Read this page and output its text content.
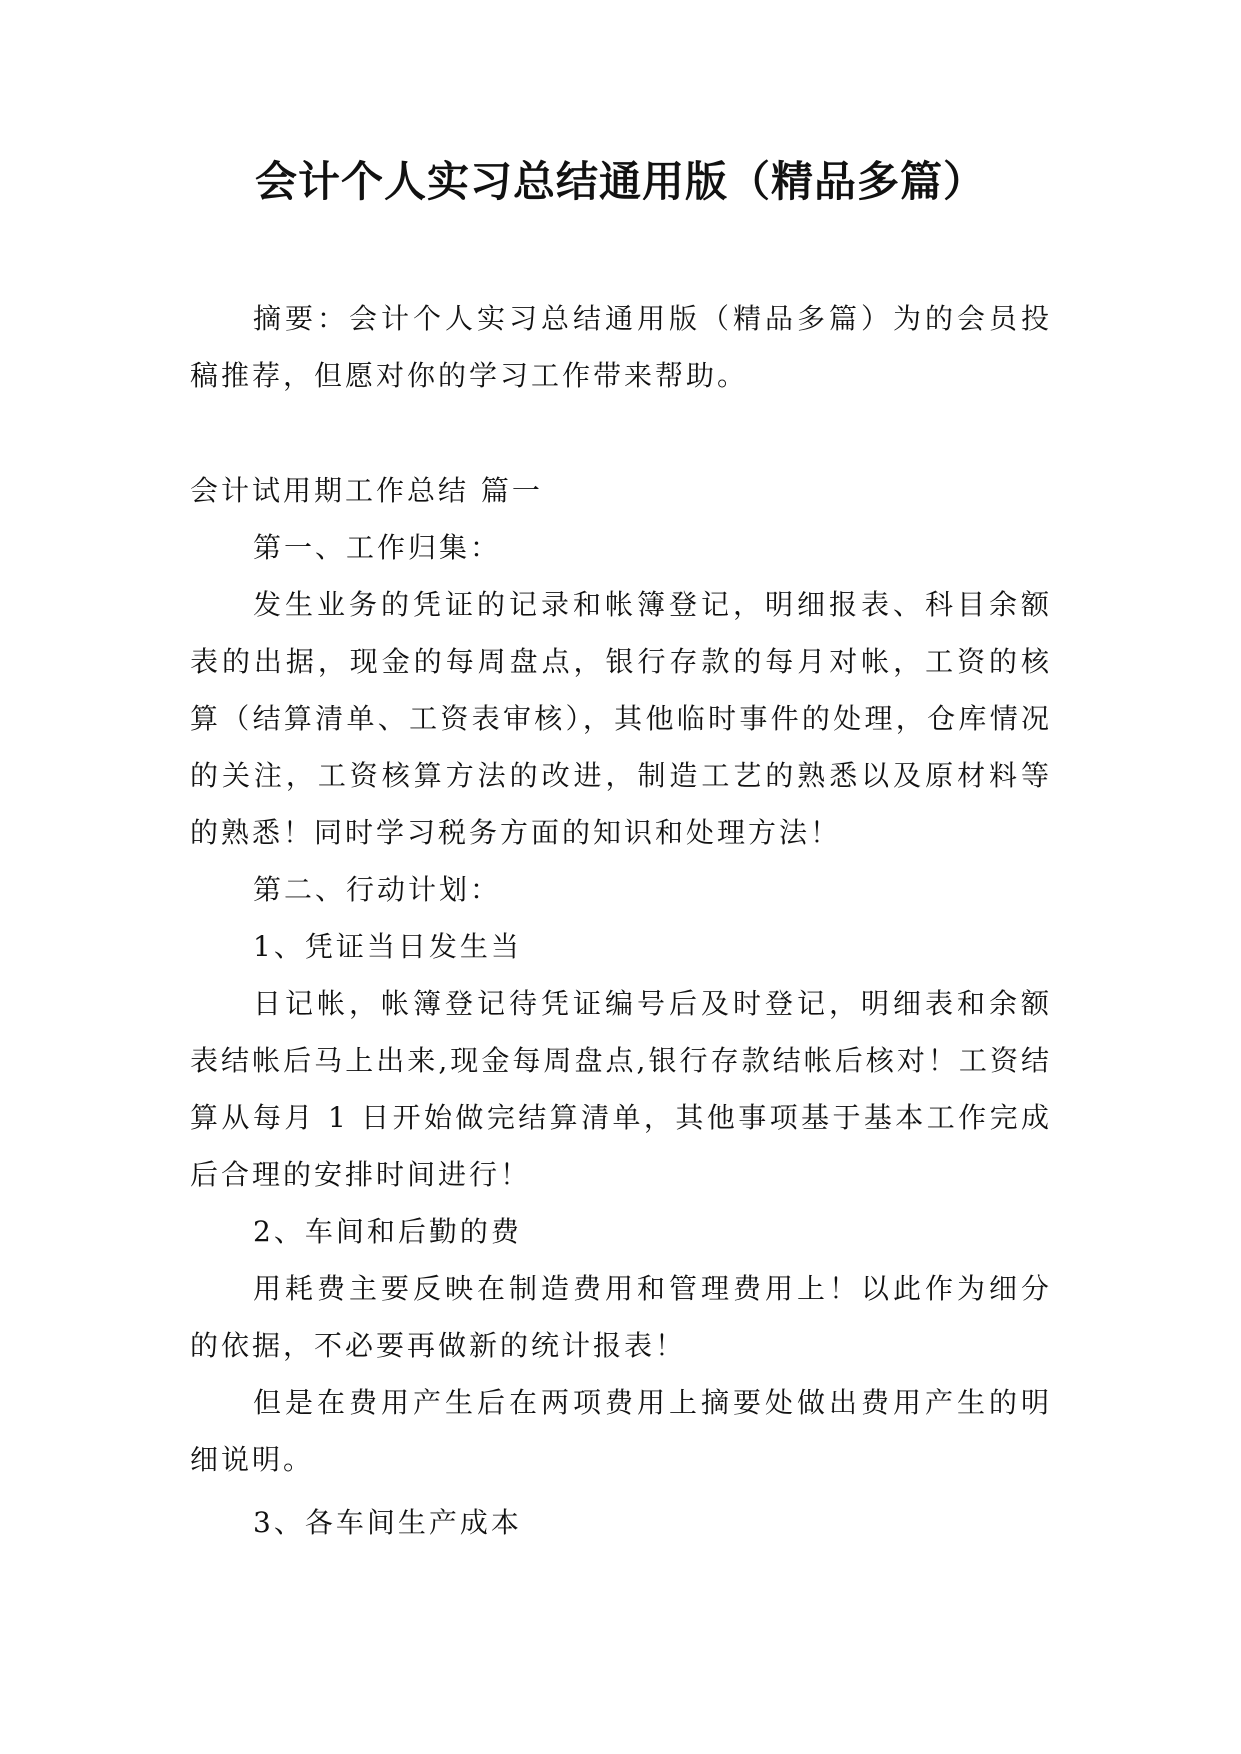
会计个人实习总结通用版（精品多篇）

摘要：会计个人实习总结通用版（精品多篇）为的会员投稿推荐，但愿对你的学习工作带来帮助。

会计试用期工作总结 篇一

第一、工作归集：

发生业务的凭证的记录和帐簿登记，明细报表、科目余额表的出据，现金的每周盘点，银行存款的每月对帐，工资的核算（结算清单、工资表审核），其他临时事件的处理，仓库情况的关注，工资核算方法的改进，制造工艺的熟悉以及原材料等的熟悉！同时学习税务方面的知识和处理方法！

第二、行动计划：

1、凭证当日发生当

日记帐，帐簿登记待凭证编号后及时登记，明细表和余额表结帐后马上出来,现金每周盘点,银行存款结帐后核对！工资结算从每月 1 日开始做完结算清单，其他事项基于基本工作完成后合理的安排时间进行！

2、车间和后勤的费

用耗费主要反映在制造费用和管理费用上！以此作为细分的依据，不必要再做新的统计报表！

但是在费用产生后在两项费用上摘要处做出费用产生的明细说明。

3、各车间生产成本
